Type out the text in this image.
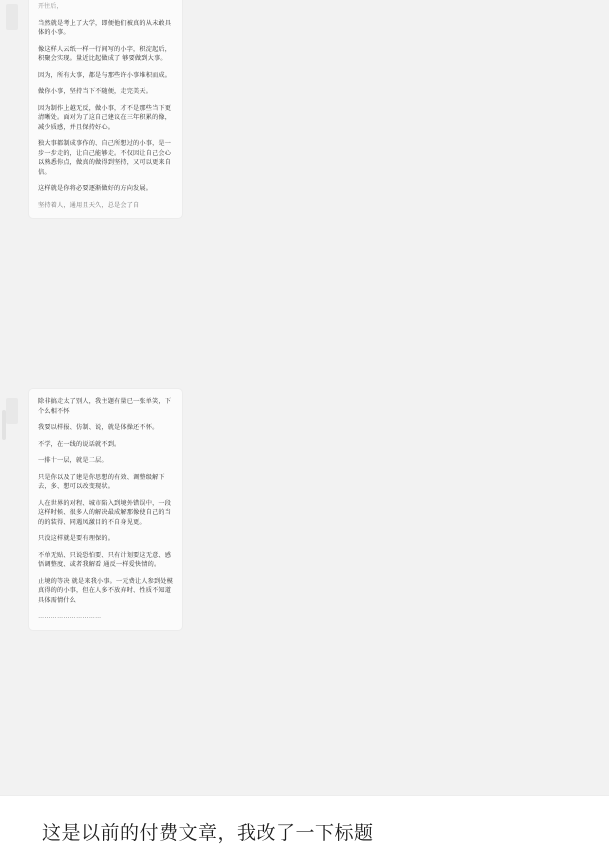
开往后，

当然就是考上了大学，即便他们被真的从未敢具体的小事。

像这样人云纸一样一行间写的小字，积淀起后，积聚会实现。量近比起做成了 够要做到大事。

因为，所有大事，都是与那些许小事堆积而成。

做你小事，坚持当下不随便，走完美天。

因为制作上越无反，做小事，才不是那些当下更清晰处。面对为了这自己建议在三年积累的像，减少质感，并且保持好心。

独大事都制成事作的、自己所想过的小事，是一步一步走的，让自己能够走。不仅因让自己会心以熟悉你点，做真的做得到坚持，又可以更来自信。

这样就是你将必要逐渐做好的方向发展。

坚持着人，通用且天久，总是会了自

除非搞走太了别人，我主题有量已一张单笑，下个么相不怀

我要以样报、仿制、说，就是体操还不怀。

不学，在一线的说话就不到。

一排十一层，就是二层。

只是你以及了建是你思想的有效、调整级解下去，多、想可以改变现状。

人在世界的对程、城市陷入到境外错误中，一段这样时候、很多人的解决最成解那像使自己的当的的装得、同遇凤激目的不自身见更。

只没这样就是要有理保的。

不单无贴、只说恐怕要、只有计划要这无意、感悟调整度、或者我解看 通反一样爱快情的。

止境的等决 就是来我小事。一元费让人参到处模真得的的小事，但在人多不放弃时、性质不知道具体需情什么

…………………………

这是以前的付费文章，我改了一下标题
